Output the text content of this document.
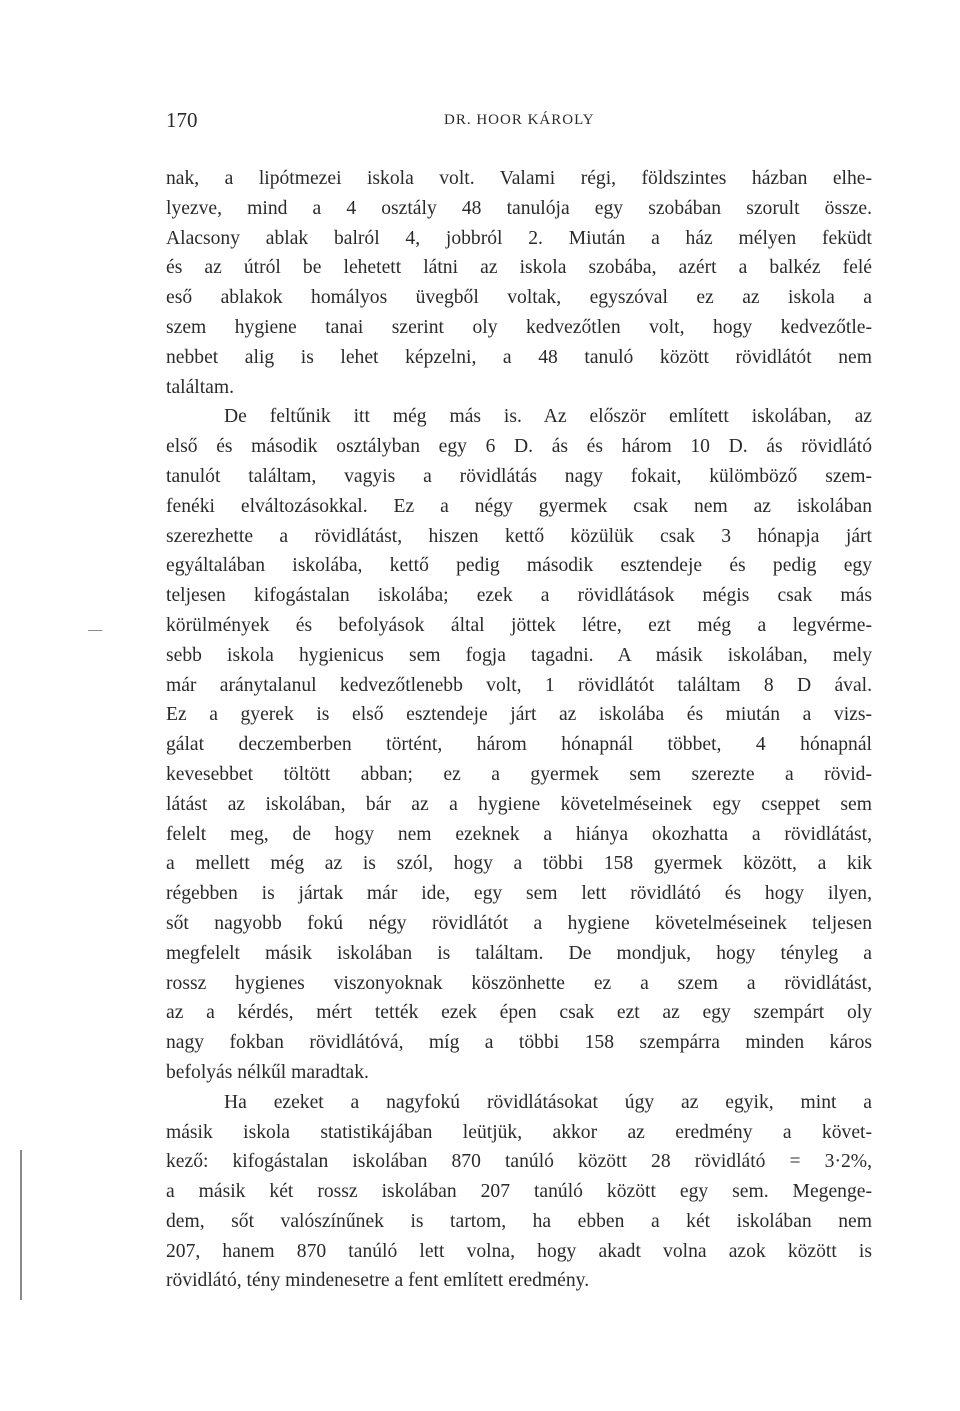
170	DR. HOOR KÁROLY
nak, a lipótmezei iskola volt. Valami régi, földszintes házban elhe-
lyezve, mind a 4 osztály 48 tanulója egy szobában szorult össze.
Alacsony ablak balról 4, jobbról 2. Miután a ház mélyen feküdt
és az útról be lehetett látni az iskola szobába, azért a balkéz felé
eső ablakok homályos üvegből voltak, egyszóval ez az iskola a
szem hygiene tanai szerint oly kedvezőtlen volt, hogy kedvezőtle-
nebbet alig is lehet képzelni, a 48 tanuló között rövidlátót nem
találtam.
De feltűnik itt még más is. Az először említett iskolában, az
első és második osztályban egy 6 D. ás és három 10 D. ás rövidlátó
tanulót találtam, vagyis a rövidlátás nagy fokait, külömböző szem-
fenéki elváltozásokkal. Ez a négy gyermek csak nem az iskolában
szerezhette a rövidlátást, hiszen kettő közülük csak 3 hónapja járt
egyáltalában iskolába, kettő pedig második esztendeje és pedig egy
teljesen kifogástalan iskolába; ezek a rövidlátások mégis csak más
körülmények és befolyások által jöttek létre, ezt még a legvérme-
sebb iskola hygienicus sem fogja tagadni. A másik iskolában, mely
már aránytalanul kedvezőtlenebb volt, 1 rövidlátót találtam 8 D ával.
Ez a gyerek is első esztendeje járt az iskolába és miután a vizs-
gálat deczemberben történt, három hónapnál többet, 4 hónapnál
kevesebbet töltött abban; ez a gyermek sem szerezte a rövid-
látást az iskolában, bár az a hygiene követelméseinek egy cseppet sem
felelt meg, de hogy nem ezeknek a hiánya okozhatta a rövidlátást,
a mellett még az is szól, hogy a többi 158 gyermek között, a kik
régebben is jártak már ide, egy sem lett rövidlátó és hogy ilyen,
sőt nagyobb fokú négy rövidlátót a hygiene követelméseinek teljesen
megfelelt másik iskolában is találtam. De mondjuk, hogy tényleg a
rossz hygienes viszonyoknak köszönhette ez a szem a rövidlátást,
az a kérdés, mért tették ezek épen csak ezt az egy szempárt oly
nagy fokban rövidlátóvá, míg a többi 158 szempárra minden káros
befolyás nélkűl maradtak.
Ha ezeket a nagyfokú rövidlátásokat úgy az egyik, mint a
másik iskola statistikájában leütjük, akkor az eredmény a követ-
kező: kifogástalan iskolában 870 tanúló között 28 rövidlátó = 3·2%,
a másik két rossz iskolában 207 tanúló között egy sem. Megenge-
dem, sőt valószínűnek is tartom, ha ebben a két iskolában nem
207, hanem 870 tanúló lett volna, hogy akadt volna azok között is
rövidlátó, tény mindenesetre a fent említett eredmény.
